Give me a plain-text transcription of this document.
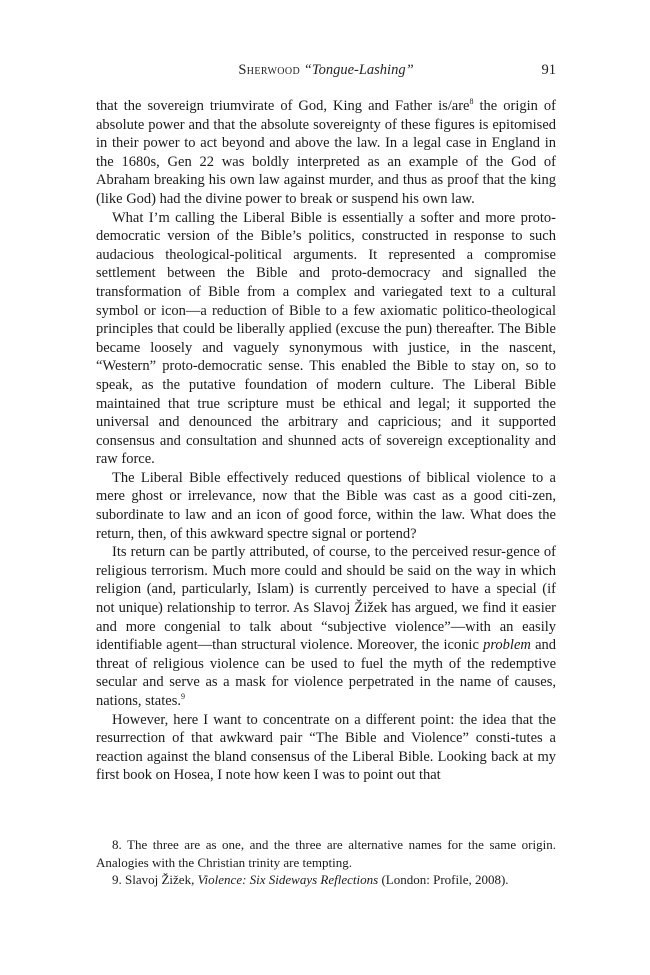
Sherwood “Tongue-Lashing”	91

that the sovereign triumvirate of God, King and Father is/are$^8$ the origin of absolute power and that the absolute sovereignty of these figures is epitomised in their power to act beyond and above the law. In a legal case in England in the 1680s, Gen 22 was boldly interpreted as an example of the God of Abraham breaking his own law against murder, and thus as proof that the king (like God) had the divine power to break or suspend his own law.

What I’m calling the Liberal Bible is essentially a softer and more proto-democratic version of the Bible’s politics, constructed in response to such audacious theological-political arguments. It represented a compromise settlement between the Bible and proto-democracy and signalled the transformation of Bible from a complex and variegated text to a cultural symbol or icon—a reduction of Bible to a few axiomatic politico-theological principles that could be liberally applied (excuse the pun) thereafter. The Bible became loosely and vaguely synonymous with justice, in the nascent, “Western” proto-democratic sense. This enabled the Bible to stay on, so to speak, as the putative foundation of modern culture. The Liberal Bible maintained that true scripture must be ethical and legal; it supported the universal and denounced the arbitrary and capricious; and it supported consensus and consultation and shunned acts of sovereign exceptionality and raw force.

The Liberal Bible effectively reduced questions of biblical violence to a mere ghost or irrelevance, now that the Bible was cast as a good citi-zen, subordinate to law and an icon of good force, within the law. What does the return, then, of this awkward spectre signal or portend?

Its return can be partly attributed, of course, to the perceived resur-gence of religious terrorism. Much more could and should be said on the way in which religion (and, particularly, Islam) is currently perceived to have a special (if not unique) relationship to terror. As Slavoj Žižek has argued, we find it easier and more congenial to talk about “subjective violence”—with an easily identifiable agent—than structural violence. Moreover, the iconic problem and threat of religious violence can be used to fuel the myth of the redemptive secular and serve as a mask for violence perpetrated in the name of causes, nations, states.$^9$

However, here I want to concentrate on a different point: the idea that the resurrection of that awkward pair “The Bible and Violence” consti-tutes a reaction against the bland consensus of the Liberal Bible. Looking back at my first book on Hosea, I note how keen I was to point out that

8. The three are as one, and the three are alternative names for the same origin. Analogies with the Christian trinity are tempting.

9. Slavoj Žižek, Violence: Six Sideways Reflections (London: Profile, 2008).
